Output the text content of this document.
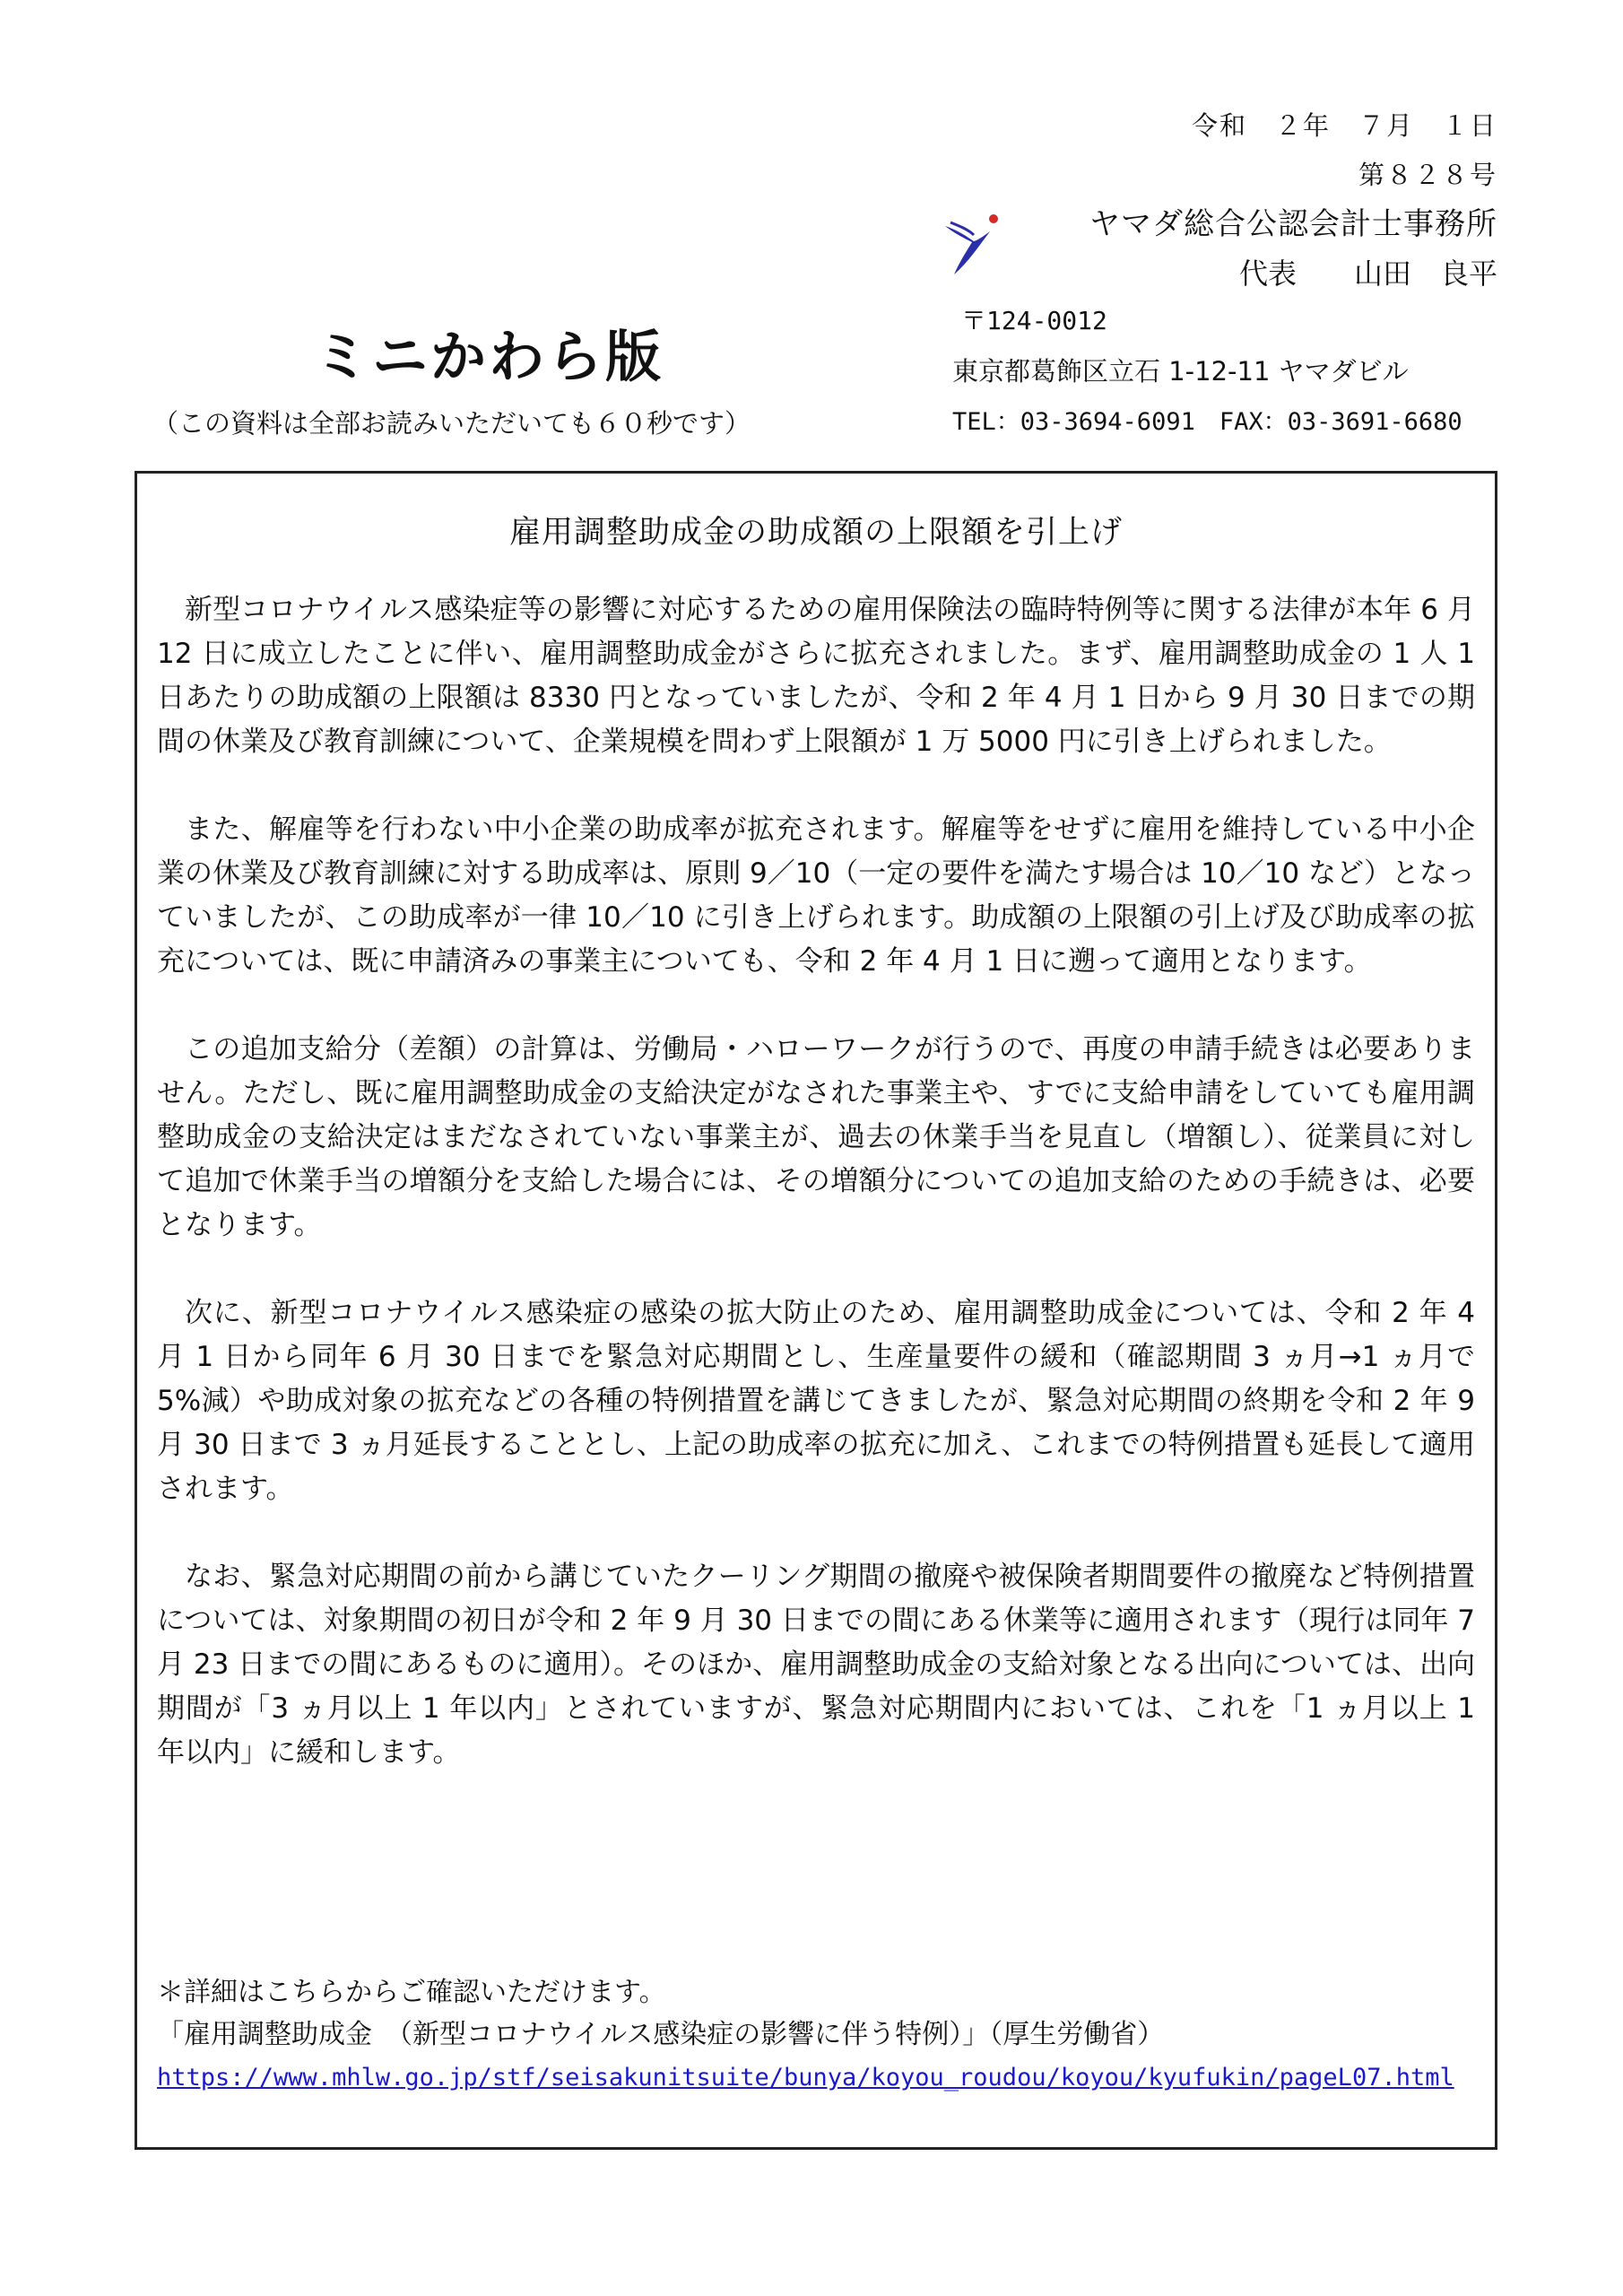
令和　２年　７月　１日
第８２８号
ヤマダ総合公認会計士事務所
代表　　山田　良平
ミニかわら版
（この資料は全部お読みいただいても６０秒です）
〒124-0012
東京都葛飾区立石 1-12-11 ヤマダビル
TEL：03-3694-6091　FAX：03-3691-6680
雇用調整助成金の助成額の上限額を引上げ

新型コロナウイルス感染症等の影響に対応するための雇用保険法の臨時特例等に関する法律が本年 6 月 12 日に成立したことに伴い、雇用調整助成金がさらに拡充されました。まず、雇用調整助成金の 1 人 1 日あたりの助成額の上限額は 8330 円となっていましたが、令和 2 年 4 月 1 日から 9 月 30 日までの期間の休業及び教育訓練について、企業規模を問わず上限額が 1 万 5000 円に引き上げられました。

また、解雇等を行わない中小企業の助成率が拡充されます。解雇等をせずに雇用を維持している中小企業の休業及び教育訓練に対する助成率は、原則 9／10（一定の要件を満たす場合は 10／10 など）となっていましたが、この助成率が一律 10／10 に引き上げられます。助成額の上限額の引上げ及び助成率の拡充については、既に申請済みの事業主についても、令和 2 年 4 月 1 日に遡って適用となります。

この追加支給分（差額）の計算は、労働局・ハローワークが行うので、再度の申請手続きは必要ありません。ただし、既に雇用調整助成金の支給決定がなされた事業主や、すでに支給申請をしていても雇用調整助成金の支給決定はまだなされていない事業主が、過去の休業手当を見直し（増額し）、従業員に対して追加で休業手当の増額分を支給した場合には、その増額分についての追加支給のための手続きは、必要となります。

次に、新型コロナウイルス感染症の感染の拡大防止のため、雇用調整助成金については、令和 2 年 4 月 1 日から同年 6 月 30 日までを緊急対応期間とし、生産量要件の緩和（確認期間 3 ヵ月→1 ヵ月で 5%減）や助成対象の拡充などの各種の特例措置を講じてきましたが、緊急対応期間の終期を令和 2 年 9 月 30 日まで 3 ヵ月延長することとし、上記の助成率の拡充に加え、これまでの特例措置も延長して適用されます。

なお、緊急対応期間の前から講じていたクーリング期間の撤廃や被保険者期間要件の撤廃など特例措置については、対象期間の初日が令和 2 年 9 月 30 日までの間にある休業等に適用されます（現行は同年 7 月 23 日までの間にあるものに適用）。そのほか、雇用調整助成金の支給対象となる出向については、出向期間が「3 ヵ月以上 1 年以内」とされていますが、緊急対応期間内においては、これを「1 ヵ月以上 1 年以内」に緩和します。

＊詳細はこちらからご確認いただけます。
「雇用調整助成金　（新型コロナウイルス感染症の影響に伴う特例）」（厚生労働省）
https://www.mhlw.go.jp/stf/seisakunitsuite/bunya/koyou_roudou/koyou/kyufukin/pageL07.html
